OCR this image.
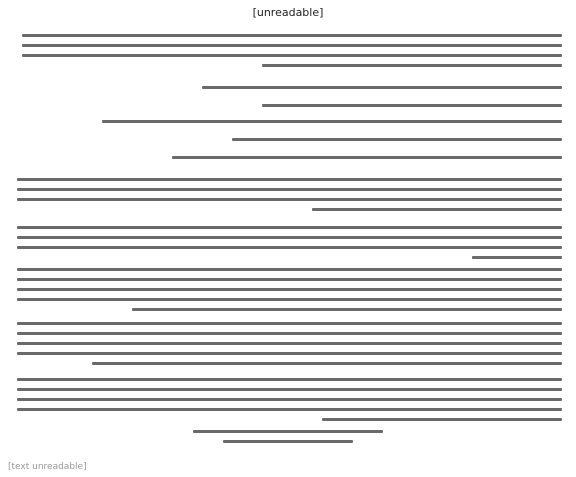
[unreadable]
[text unreadable]
